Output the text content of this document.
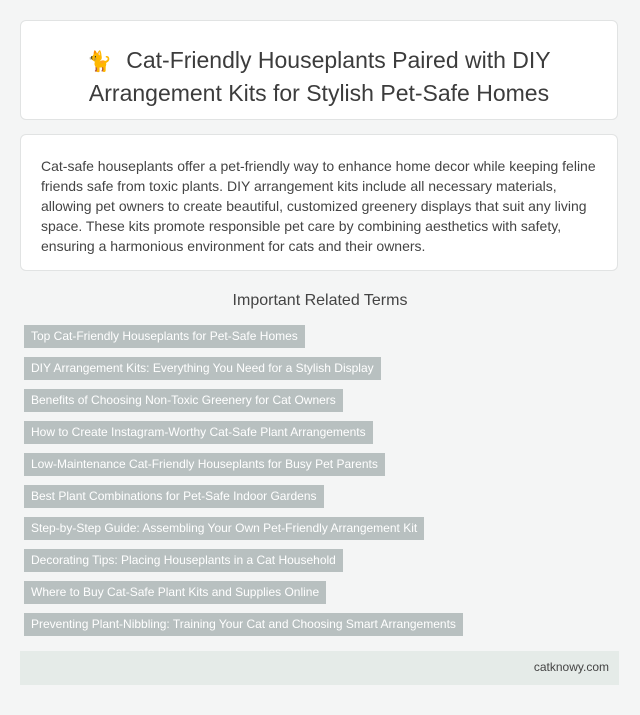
🐈 Cat-Friendly Houseplants Paired with DIY Arrangement Kits for Stylish Pet-Safe Homes

Cat-safe houseplants offer a pet-friendly way to enhance home decor while keeping feline friends safe from toxic plants. DIY arrangement kits include all necessary materials, allowing pet owners to create beautiful, customized greenery displays that suit any living space. These kits promote responsible pet care by combining aesthetics with safety, ensuring a harmonious environment for cats and their owners.

Important Related Terms
Top Cat-Friendly Houseplants for Pet-Safe Homes
DIY Arrangement Kits: Everything You Need for a Stylish Display
Benefits of Choosing Non-Toxic Greenery for Cat Owners
How to Create Instagram-Worthy Cat-Safe Plant Arrangements
Low-Maintenance Cat-Friendly Houseplants for Busy Pet Parents
Best Plant Combinations for Pet-Safe Indoor Gardens
Step-by-Step Guide: Assembling Your Own Pet-Friendly Arrangement Kit
Decorating Tips: Placing Houseplants in a Cat Household
Where to Buy Cat-Safe Plant Kits and Supplies Online
Preventing Plant-Nibbling: Training Your Cat and Choosing Smart Arrangements
catknowy.com
